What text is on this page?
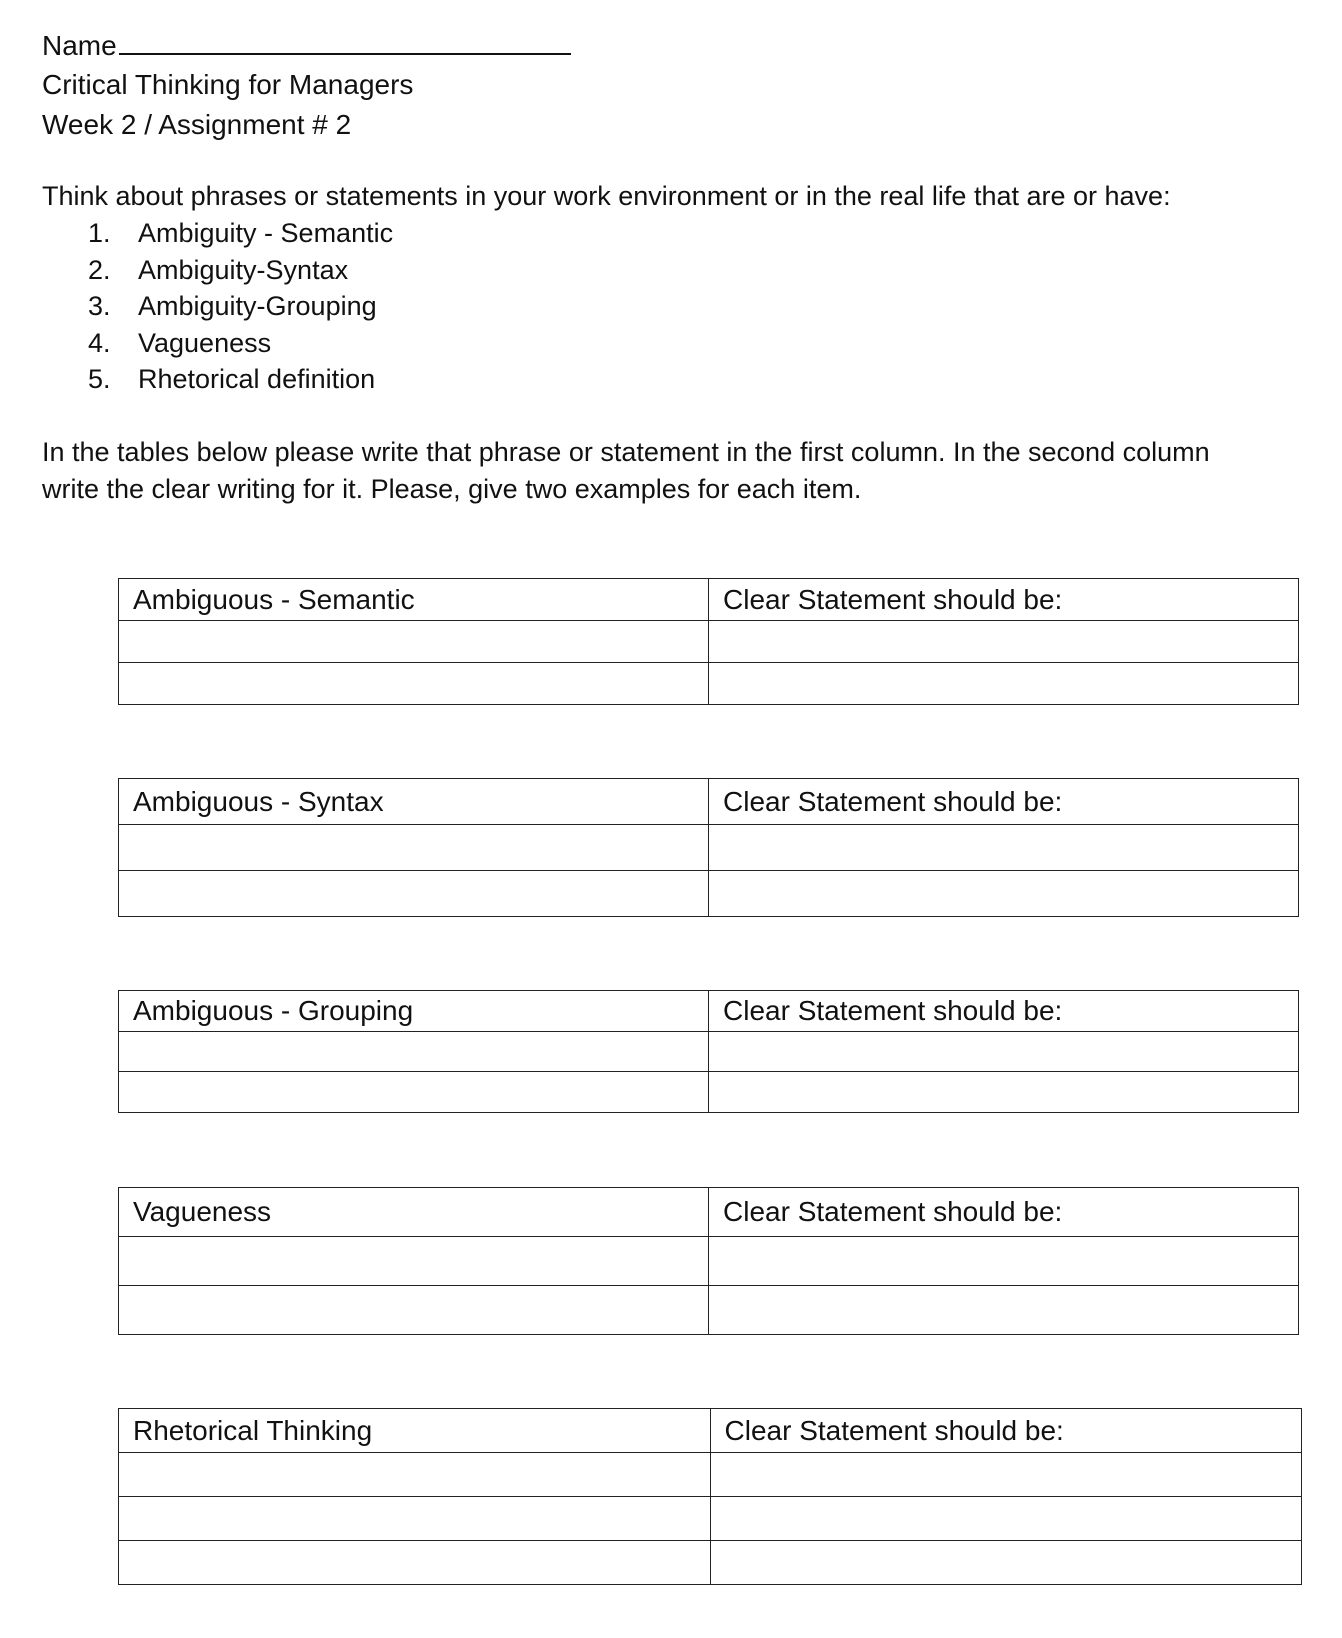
Name
Critical Thinking for Managers
Week 2 / Assignment # 2
Think about phrases or statements in your work environment or in the real life that are or have:
1.	Ambiguity - Semantic
2.	Ambiguity-Syntax
3.	Ambiguity-Grouping
4.	Vagueness
5.	Rhetorical definition

In the tables below please write that phrase or statement in the first column. In the second column

write the clear writing for it. Please, give two examples for each item.

Ambiguous - Semantic	Clear Statement should be:

Ambiguous - Syntax	Clear Statement should be:

Ambiguous - Grouping	Clear Statement should be:

Vagueness	Clear Statement should be:

Rhetorical Thinking	Clear Statement should be:
